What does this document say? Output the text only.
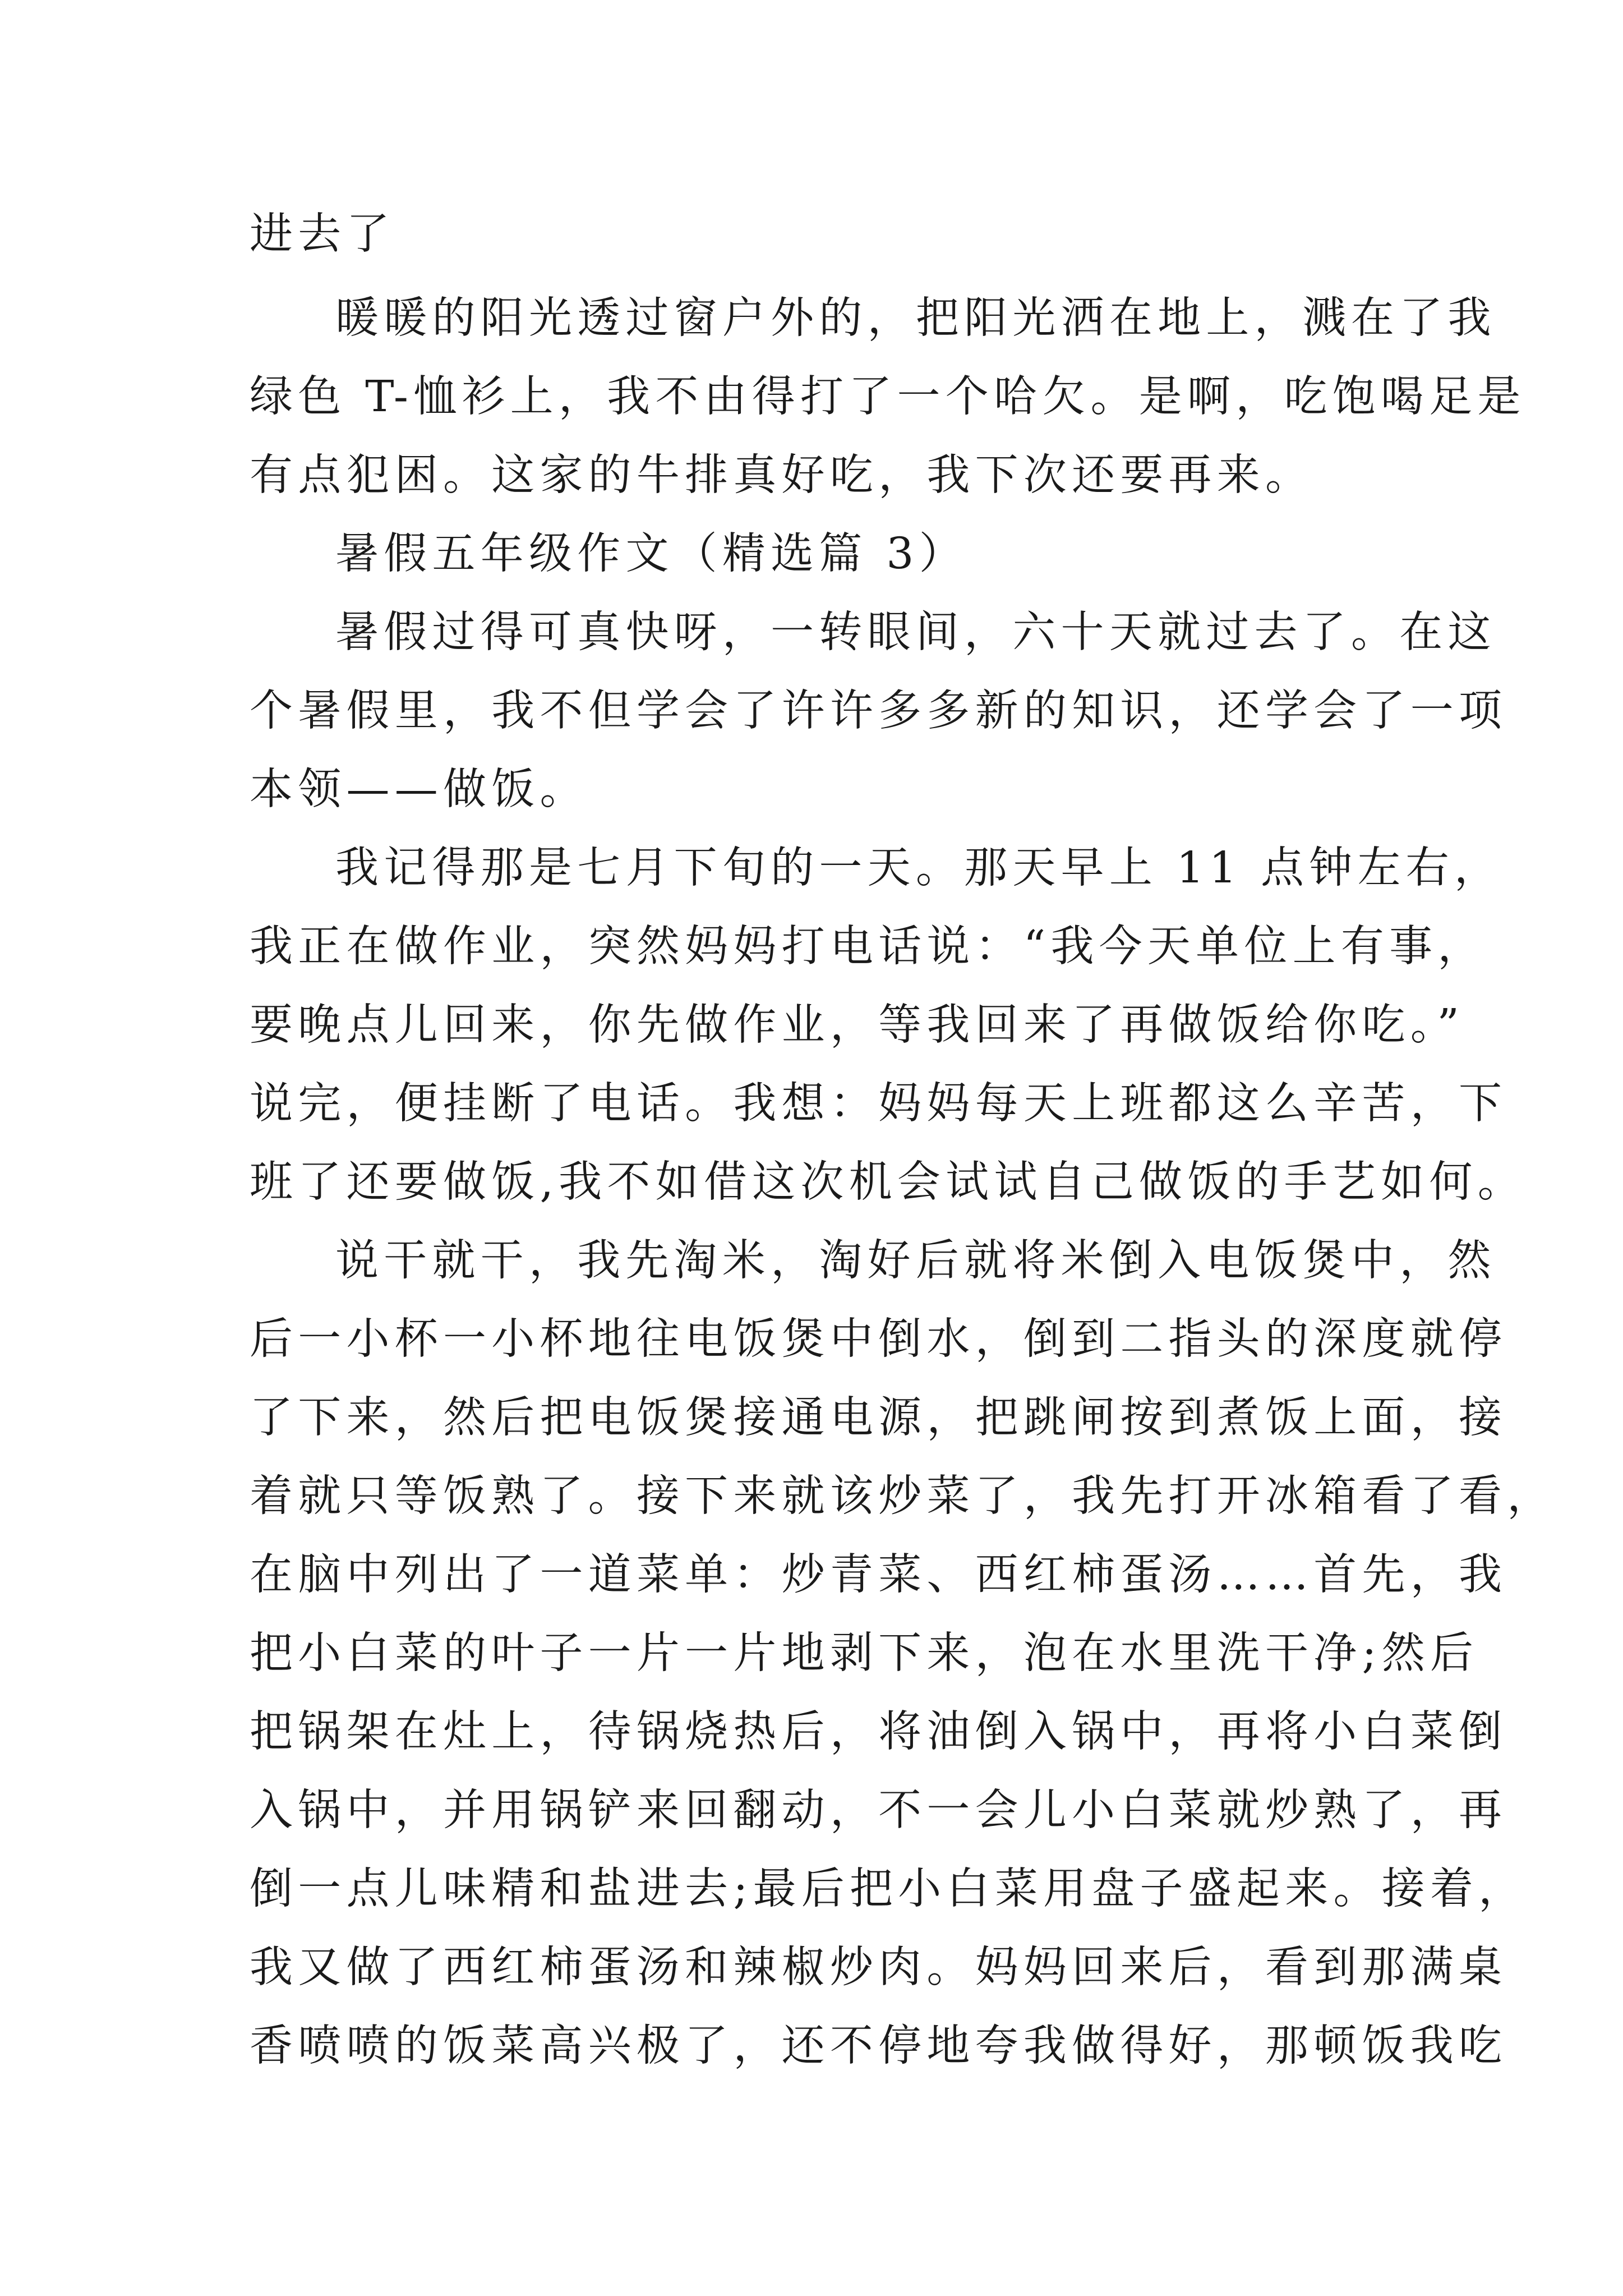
进去了
暖暖的阳光透过窗户外的，把阳光洒在地上，溅在了我
绿色 T-恤衫上，我不由得打了一个哈欠。是啊，吃饱喝足是
有点犯困。这家的牛排真好吃，我下次还要再来。
暑假五年级作文（精选篇 3）
暑假过得可真快呀，一转眼间，六十天就过去了。在这
个暑假里，我不但学会了许许多多新的知识，还学会了一项
本领——做饭。
我记得那是七月下旬的一天。那天早上 11 点钟左右，
我正在做作业，突然妈妈打电话说：“我今天单位上有事，
要晚点儿回来，你先做作业，等我回来了再做饭给你吃。”
说完，便挂断了电话。我想：妈妈每天上班都这么辛苦，下
班了还要做饭,我不如借这次机会试试自己做饭的手艺如何。
说干就干，我先淘米，淘好后就将米倒入电饭煲中，然
后一小杯一小杯地往电饭煲中倒水，倒到二指头的深度就停
了下来，然后把电饭煲接通电源，把跳闸按到煮饭上面，接
着就只等饭熟了。接下来就该炒菜了，我先打开冰箱看了看，
在脑中列出了一道菜单：炒青菜、西红柿蛋汤……首先，我
把小白菜的叶子一片一片地剥下来，泡在水里洗干净;然后
把锅架在灶上，待锅烧热后，将油倒入锅中，再将小白菜倒
入锅中，并用锅铲来回翻动，不一会儿小白菜就炒熟了，再
倒一点儿味精和盐进去;最后把小白菜用盘子盛起来。接着，
我又做了西红柿蛋汤和辣椒炒肉。妈妈回来后，看到那满桌
香喷喷的饭菜高兴极了，还不停地夸我做得好，那顿饭我吃
